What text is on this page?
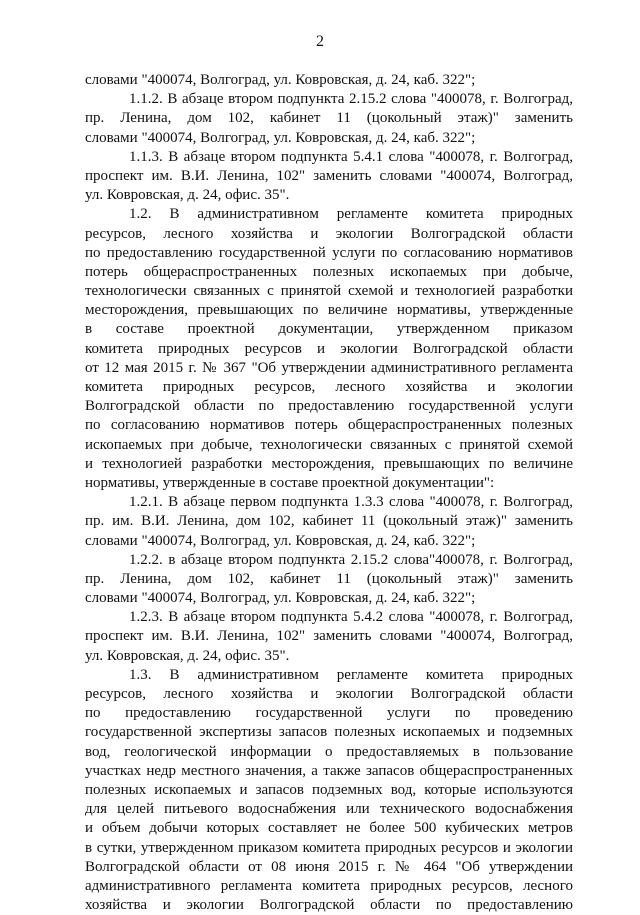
2
словами "400074, Волгоград, ул. Ковровская, д. 24, каб. 322";
1.1.2. В абзаце втором подпункта 2.15.2 слова "400078, г. Волгоград,
пр. Ленина, дом 102, кабинет 11 (цокольный этаж)" заменить
словами "400074, Волгоград, ул. Ковровская, д. 24, каб. 322";
1.1.3. В абзаце втором подпункта 5.4.1 слова "400078, г. Волгоград,
проспект им. В.И. Ленина, 102" заменить словами "400074, Волгоград,
ул. Ковровская, д. 24, офис. 35".
1.2. В административном регламенте комитета природных
ресурсов, лесного хозяйства и экологии Волгоградской области
по предоставлению государственной услуги по согласованию нормативов
потерь общераспространенных полезных ископаемых при добыче,
технологически связанных с принятой схемой и технологией разработки
месторождения, превышающих по величине нормативы, утвержденные
в составе проектной документации, утвержденном приказом
комитета природных ресурсов и экологии Волгоградской области
от 12 мая 2015 г. № 367 "Об утверждении административного регламента
комитета природных ресурсов, лесного хозяйства и экологии
Волгоградской области по предоставлению государственной услуги
по согласованию нормативов потерь общераспространенных полезных
ископаемых при добыче, технологически связанных с принятой схемой
и технологией разработки месторождения, превышающих по величине
нормативы, утвержденные в составе проектной документации":
1.2.1. В абзаце первом подпункта 1.3.3 слова "400078, г. Волгоград,
пр. им. В.И. Ленина, дом 102, кабинет 11 (цокольный этаж)" заменить
словами "400074, Волгоград, ул. Ковровская, д. 24, каб. 322";
1.2.2. в абзаце втором подпункта 2.15.2 слова"400078, г. Волгоград,
пр. Ленина, дом 102, кабинет 11 (цокольный этаж)" заменить
словами "400074, Волгоград, ул. Ковровская, д. 24, каб. 322";
1.2.3. В абзаце втором подпункта 5.4.2 слова "400078, г. Волгоград,
проспект им. В.И. Ленина, 102" заменить словами "400074, Волгоград,
ул. Ковровская, д. 24, офис. 35".
1.3. В административном регламенте комитета природных
ресурсов, лесного хозяйства и экологии Волгоградской области
по предоставлению государственной услуги по проведению
государственной экспертизы запасов полезных ископаемых и подземных
вод, геологической информации о предоставляемых в пользование
участках недр местного значения, а также запасов общераспространенных
полезных ископаемых и запасов подземных вод, которые используются
для целей питьевого водоснабжения или технического водоснабжения
и объем добычи которых составляет не более 500 кубических метров
в сутки, утвержденном приказом комитета природных ресурсов и экологии
Волгоградской области от 08 июня 2015 г. № 464 "Об утверждении
административного регламента комитета природных ресурсов, лесного
хозяйства и экологии Волгоградской области по предоставлению
